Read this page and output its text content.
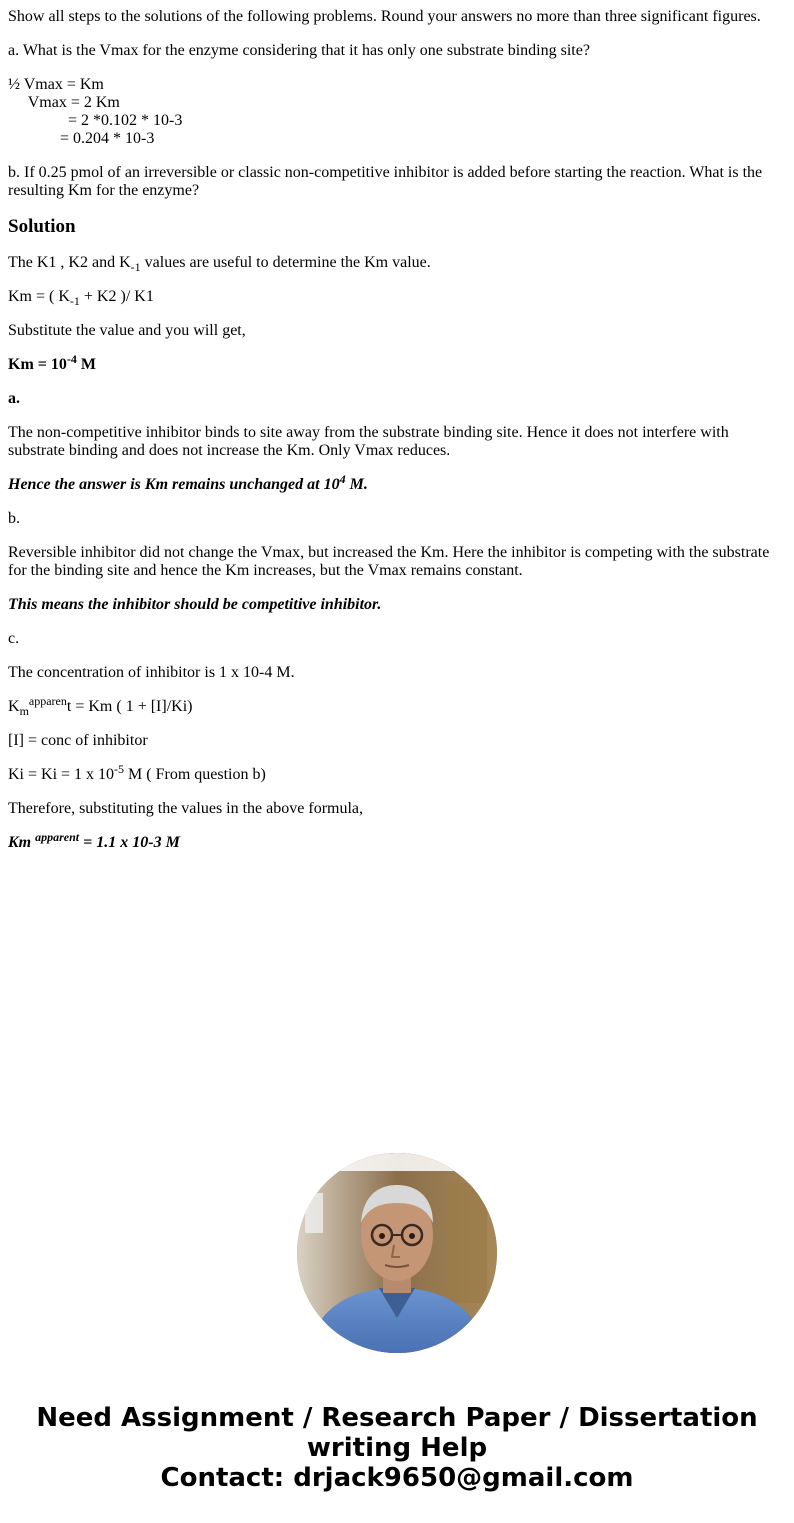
Show all steps to the solutions of the following problems. Round your answers no more than three significant figures.

a. What is the Vmax for the enzyme considering that it has only one substrate binding site?

½ Vmax = Km
Vmax = 2 Km
= 2 *0.102 * 10-3
= 0.204 * 10-3

b. If 0.25 pmol of an irreversible or classic non-competitive inhibitor is added before starting the reaction. What is the resulting Km for the enzyme?

Solution

The K1 , K2 and $K_{-1}$ values are useful to determine the Km value.

Km = ( $K_{-1} + K2$ )/ K1

Substitute the value and you will get,

$Km = 10^{-4}$ M

a.

The non-competitive inhibitor binds to site away from the substrate binding site. Hence it does not interfere with substrate binding and does not increase the Km. Only Vmax reduces.

Hence the answer is Km remains unchanged at $10^4$ M.

b.

Reversible inhibitor did not change the Vmax, but increased the Km. Here the inhibitor is competing with the substrate for the binding site and hence the Km increases, but the Vmax remains constant.

This means the inhibitor should be competitive inhibitor.

c.

The concentration of inhibitor is 1 x 10-4 M.

$K_m^{apparen}t = Km$ ( 1 + [I]/Ki)

[I] = conc of inhibitor

Ki = Ki = 1 x $10^{-5}$ M ( From question b)

Therefore, substituting the values in the above formula,

Km $^{apparent}$ = 1.1 x 10-3 M

Need Assignment / Research Paper / Dissertation
writing Help
Contact: drjack9650@gmail.com
